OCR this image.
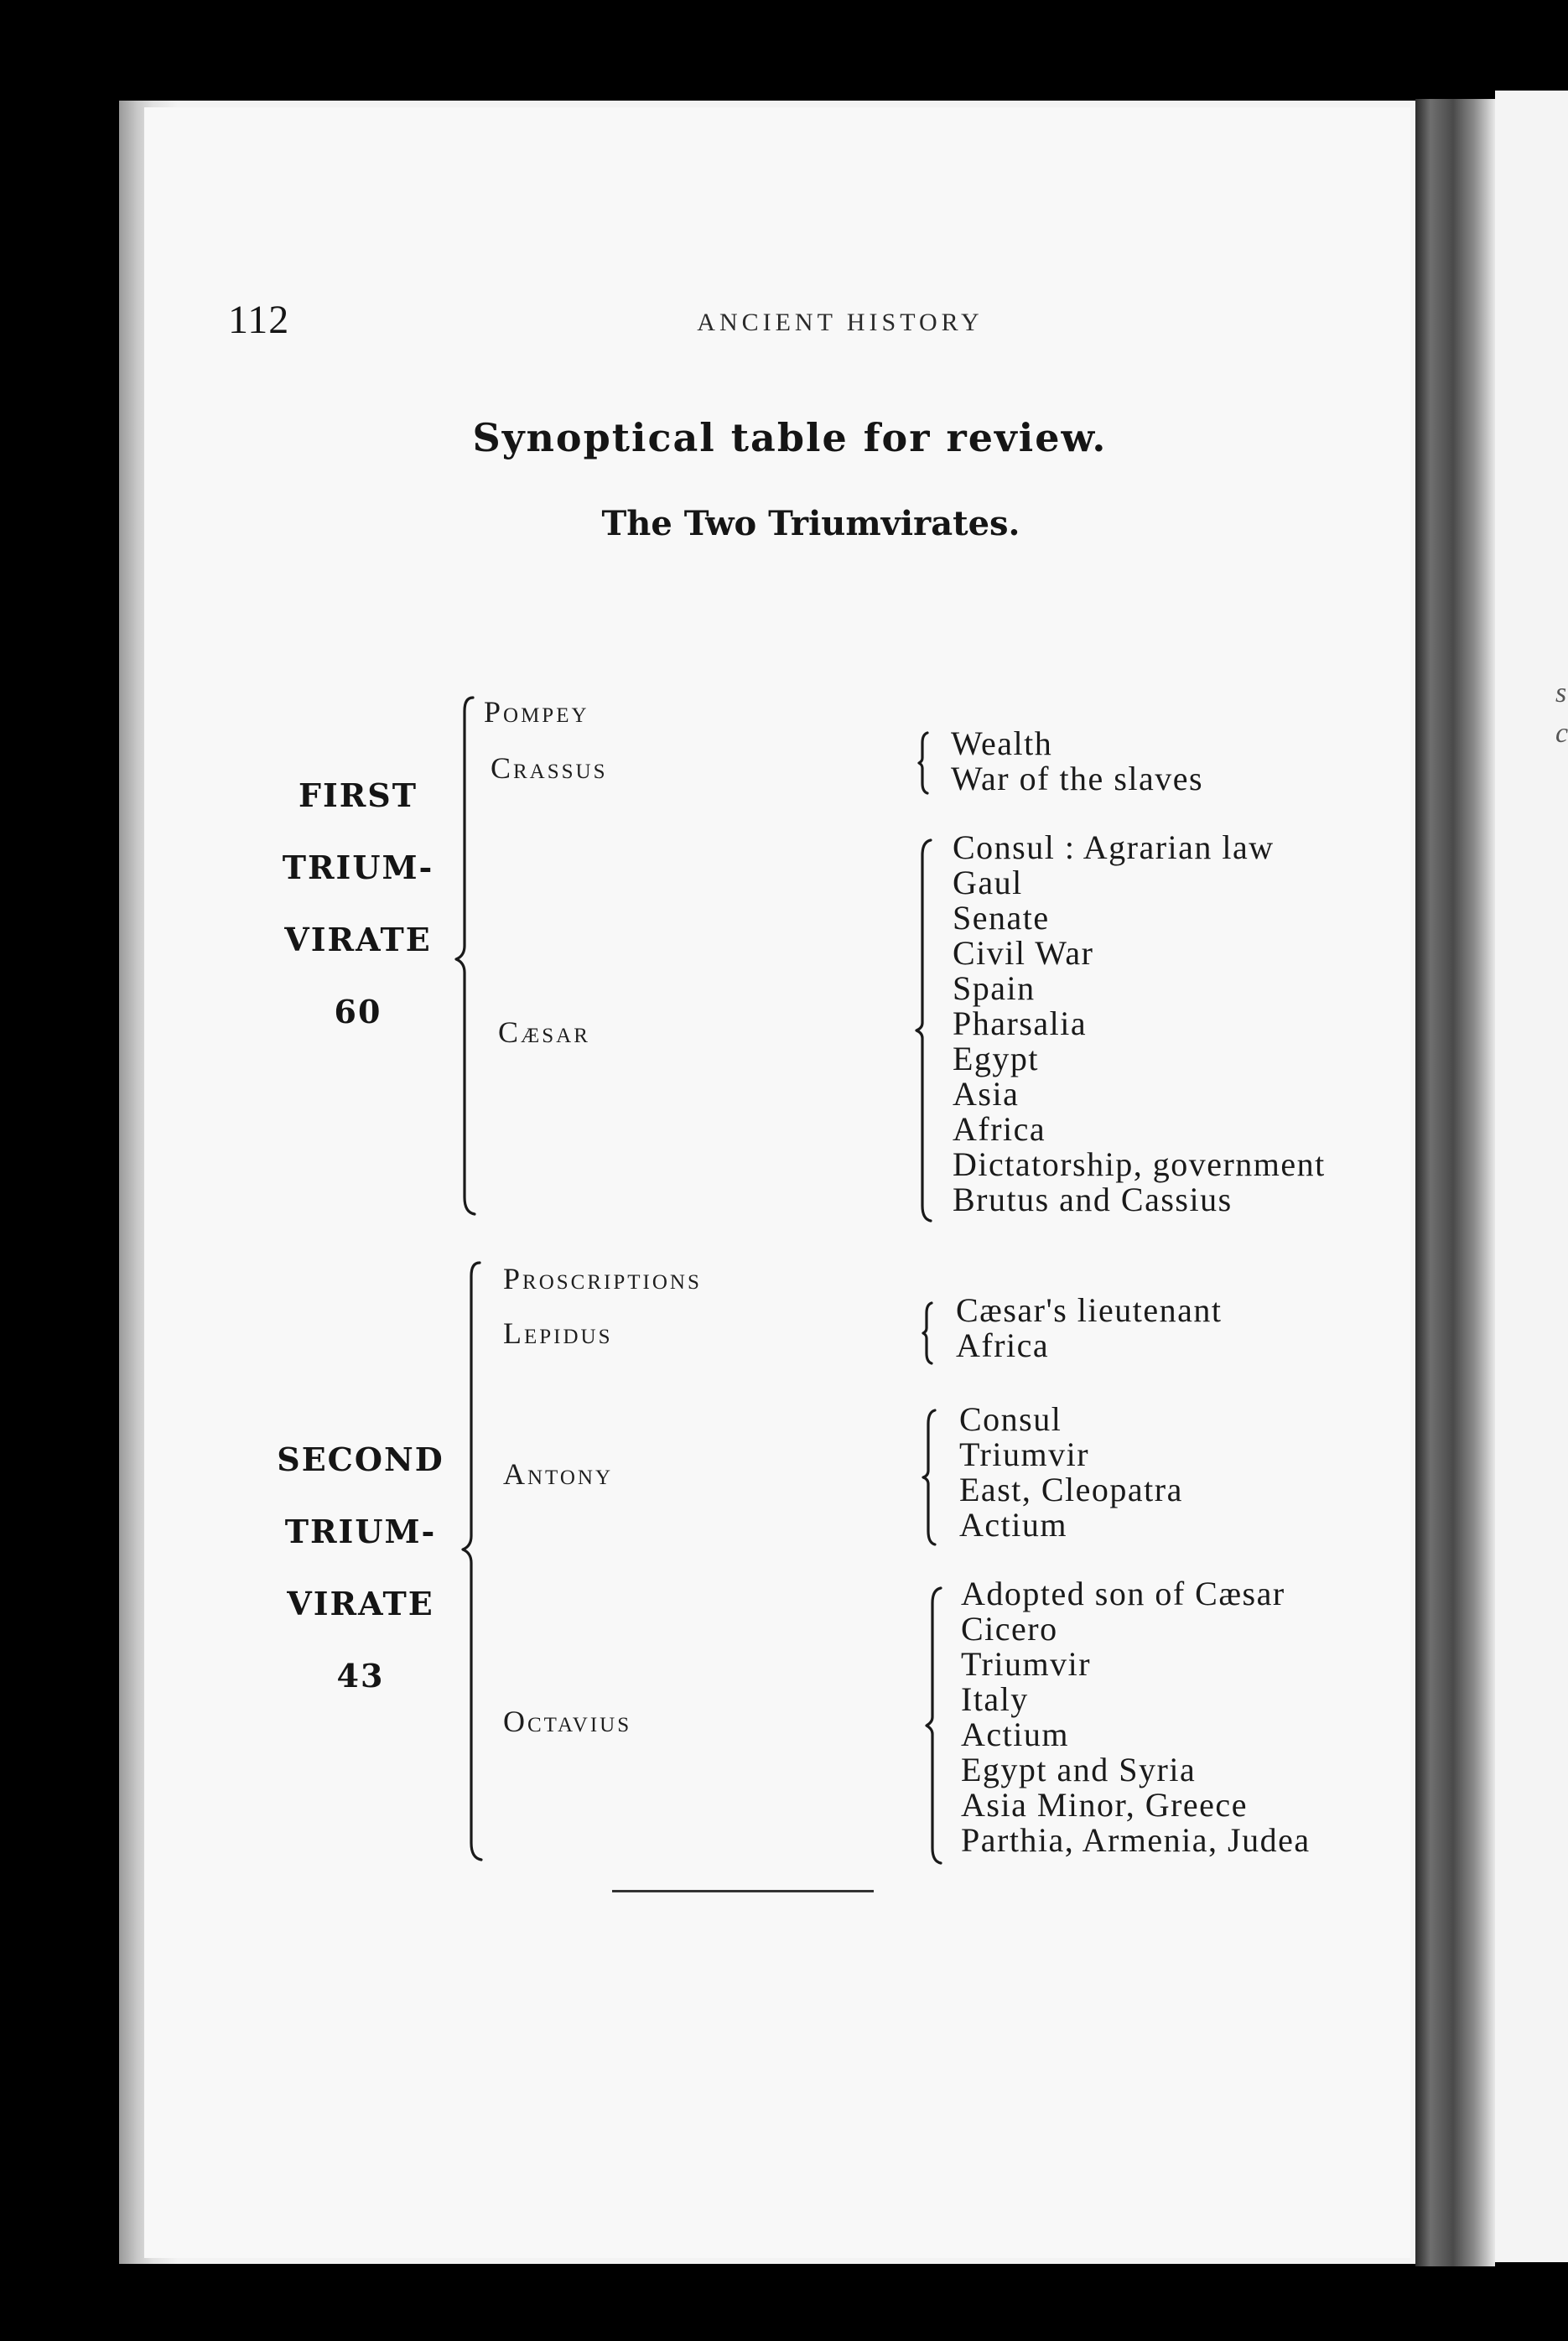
112	ANCIENT HISTORY
Synoptical table for review.
The Two Triumvirates.
FIRST
TRIUM-
VIRATE
60
Pompey
Crassus
Cæsar
Wealth
War of the slaves
Consul : Agrarian law
Gaul
Senate
Civil War
Spain
Pharsalia
Egypt
Asia
Africa
Dictatorship, government
Brutus and Cassius
SECOND
TRIUM-
VIRATE
43
Proscriptions
Lepidus
Antony
Octavius
Cæsar's lieutenant
Africa
Consul
Triumvir
East, Cleopatra
Actium
Adopted son of Cæsar
Cicero
Triumvir
Italy
Actium
Egypt and Syria
Asia Minor, Greece
Parthia, Armenia, Judea
s
c
